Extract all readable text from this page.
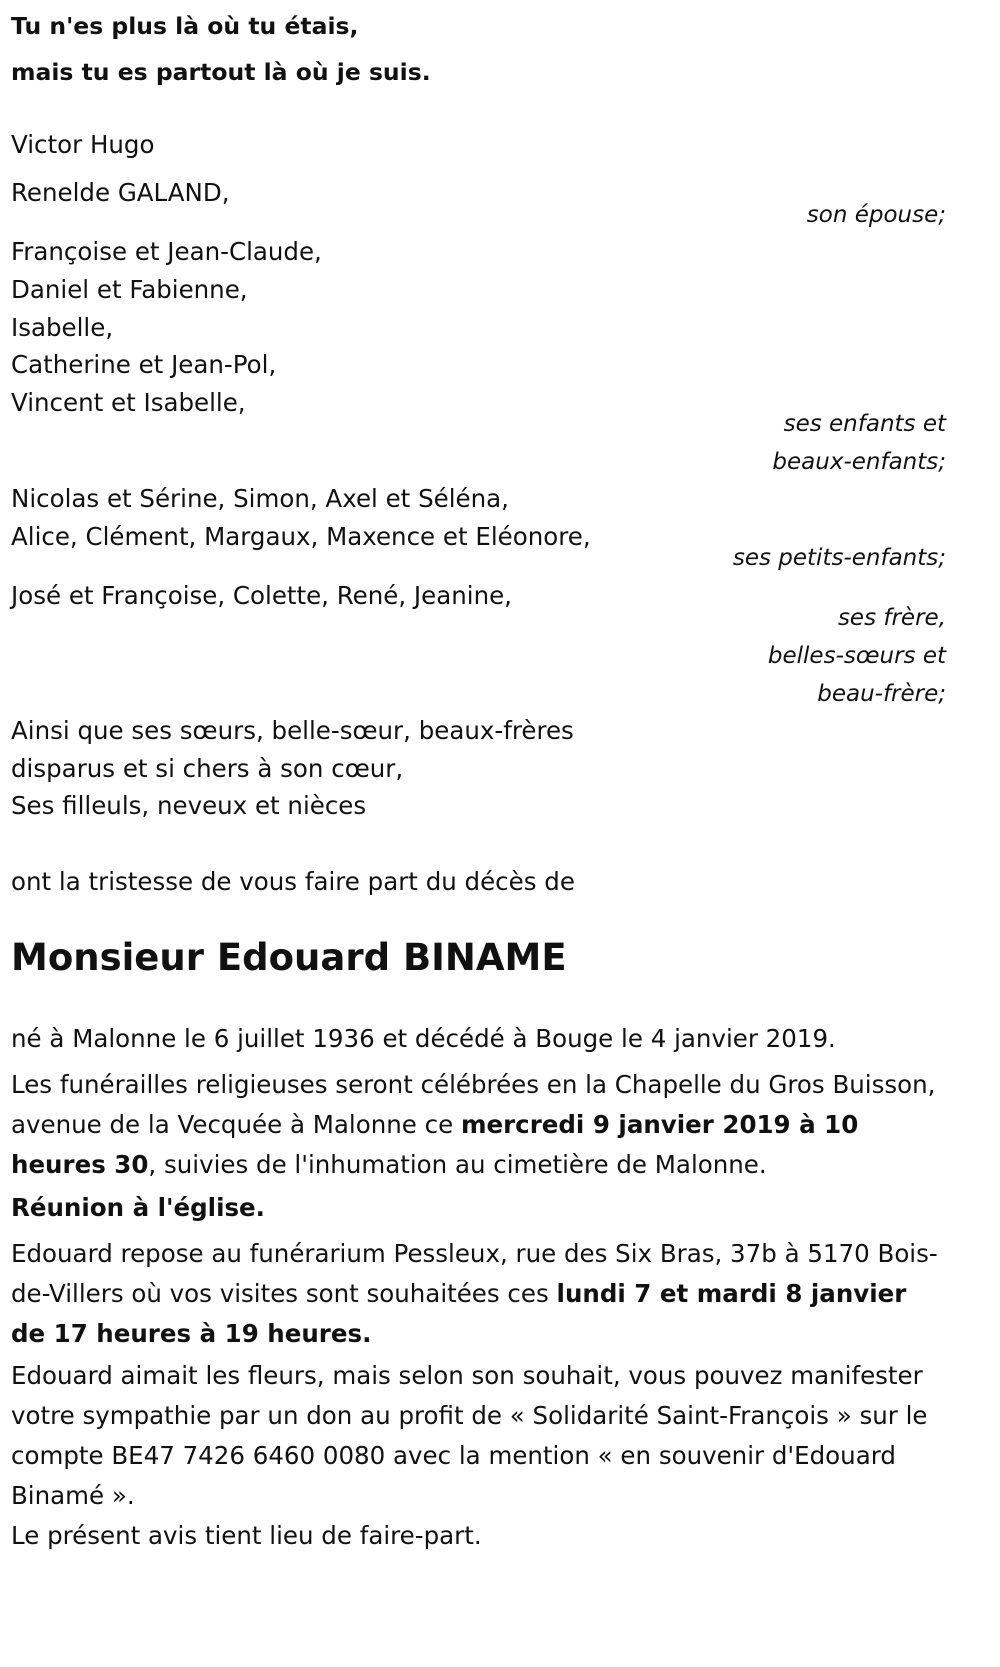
Tu n'es plus là où tu étais,

mais tu es partout là où je suis.

Victor Hugo

Renelde GALAND,

son épouse;

Françoise et Jean-Claude,

Daniel et Fabienne,

Isabelle,

Catherine et Jean-Pol,

Vincent et Isabelle,

ses enfants et

beaux-enfants;

Nicolas et Sérine, Simon, Axel et Séléna,

Alice, Clément, Margaux, Maxence et Eléonore,

ses petits-enfants;

José et Françoise, Colette, René, Jeanine,

ses frère,

belles-sœurs et

beau-frère;

Ainsi que ses sœurs, belle-sœur, beaux-frères

disparus et si chers à son cœur,

Ses filleuls, neveux et nièces

ont la tristesse de vous faire part du décès de

Monsieur Edouard BINAME

né à Malonne le 6 juillet 1936 et décédé à Bouge le 4 janvier 2019.

Les funérailles religieuses seront célébrées en la Chapelle du Gros Buisson, avenue de la Vecquée à Malonne ce mercredi 9 janvier 2019 à 10 heures 30, suivies de l'inhumation au cimetière de Malonne.

Réunion à l'église.

Edouard repose au funérarium Pessleux, rue des Six Bras, 37b à 5170 Bois-de-Villers où vos visites sont souhaitées ces lundi 7 et mardi 8 janvier de 17 heures à 19 heures.

Edouard aimait les fleurs, mais selon son souhait, vous pouvez manifester votre sympathie par un don au profit de « Solidarité Saint-François » sur le compte BE47 7426 6460 0080 avec la mention « en souvenir d'Edouard Binamé ».

Le présent avis tient lieu de faire-part.
